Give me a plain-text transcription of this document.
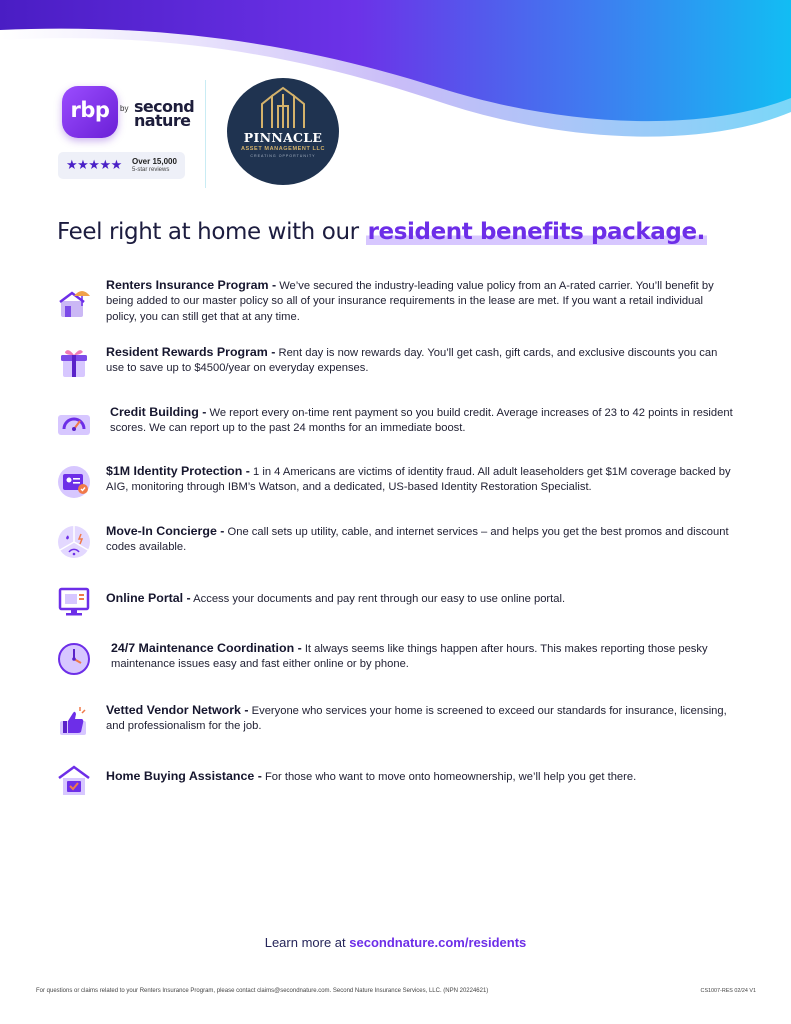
rbp	by second
nature
★★★★★ Over 15,000
5-star reviews
PINNACLE
ASSET MANAGEMENT LLC
CREATING OPPORTUNITY
Feel right at home with our resident benefits package.
Renters Insurance Program - We’ve secured the industry-leading value policy from an A-rated carrier. You’ll benefit by being added to our master policy so all of your insurance requirements in the lease are met. If you want a retail individual policy, you can still get that at any time.
Resident Rewards Program - Rent day is now rewards day. You’ll get cash, gift cards, and exclusive discounts you can use to save up to $4500/year on everyday expenses.
Credit Building - We report every on-time rent payment so you build credit. Average increases of 23 to 42 points in resident scores. We can report up to the past 24 months for an immediate boost.
$1M Identity Protection - 1 in 4 Americans are victims of identity fraud. All adult leaseholders get $1M coverage backed by AIG, monitoring through IBM’s Watson, and a dedicated, US-based Identity Restoration Specialist.
Move-In Concierge - One call sets up utility, cable, and internet services – and helps you get the best promos and discount codes available.
Online Portal - Access your documents and pay rent through our easy to use online portal.
24/7 Maintenance Coordination - It always seems like things happen after hours. This makes reporting those pesky maintenance issues easy and fast either online or by phone.
Vetted Vendor Network - Everyone who services your home is screened to exceed our standards for insurance, licensing, and professionalism for the job.
Home Buying Assistance - For those who want to move onto homeownership, we’ll help you get there.
Learn more at secondnature.com/residents
For questions or claims related to your Renters Insurance Program, please contact claims@secondnature.com. Second Nature Insurance Services, LLC. (NPN 20224621)	CS1007-RES 02/24 V1
